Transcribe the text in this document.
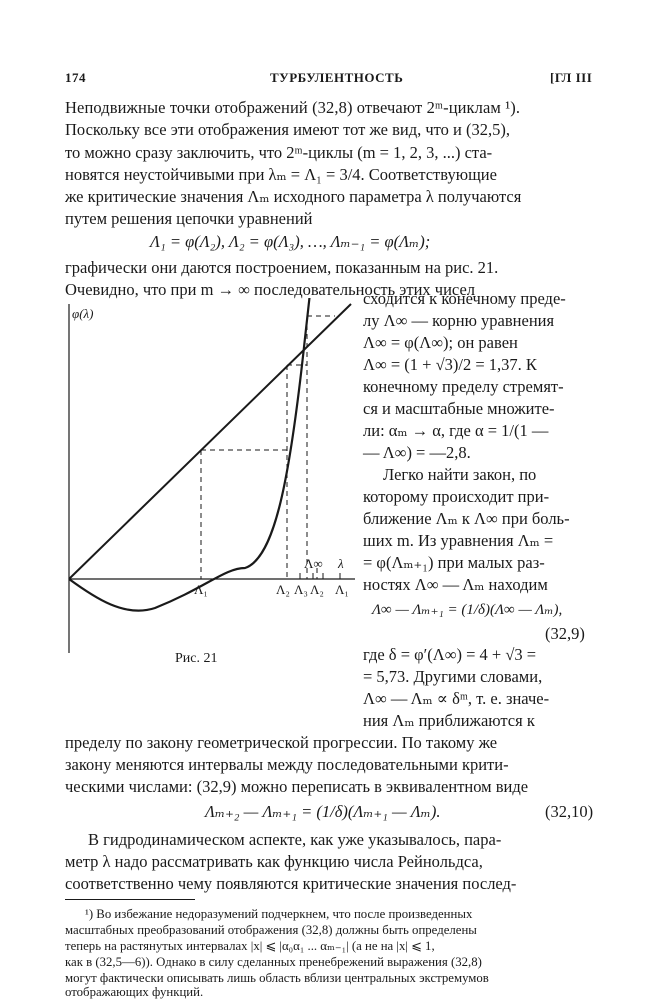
174	ТУРБУЛЕНТНОСТЬ	[ГЛ III
Неподвижные точки отображений (32,8) отвечают 2ᵐ-циклам ¹).
Поскольку все эти отображения имеют тот же вид, что и (32,5),
то можно сразу заключить, что 2ᵐ-циклы (m = 1, 2, 3, ...) ста-
новятся неустойчивыми при λₘ = Λ₁ = 3/4. Соответствующие
же критические значения Λₘ исходного параметра λ получаются
путем решения цепочки уравнений
Λ₁ = φ(Λ₂), Λ₂ = φ(Λ₃), …, Λₘ₋₁ = φ(Λₘ);
графически они даются построением, показанным на рис. 21.
Очевидно, что при m → ∞ последовательность этих чисел
φ(λ)
λ
Λ∞
Λ₁	Λ₂ Λ₃ Λ₂ Λ₁
Рис. 21
сходится к конечному преде-
лу Λ∞ — корню уравнения
Λ∞ = φ(Λ∞); он равен
Λ∞ = (1 + √3)/2 = 1,37. К
конечному пределу стремят-
ся и масштабные множите-
ли: αₘ → α, где α = 1/(1 —
— Λ∞) = —2,8.
Легко найти закон, по
которому происходит при-
ближение Λₘ к Λ∞ при боль-
ших m. Из уравнения Λₘ =
= φ(Λₘ₊₁) при малых раз-
ностях Λ∞ — Λₘ находим
Λ∞ — Λₘ₊₁ = (1/δ)(Λ∞ — Λₘ),
(32,9)
где δ = φ′(Λ∞) = 4 + √3 =
= 5,73. Другими словами,
Λ∞ — Λₘ ∝ δᵐ, т. е. значе-
ния Λₘ приближаются к
пределу по закону геометрической прогрессии. По такому же
закону меняются интервалы между последовательными крити-
ческими числами: (32,9) можно переписать в эквивалентном виде
Λₘ₊₂ — Λₘ₊₁ = (1/δ)(Λₘ₊₁ — Λₘ).	(32,10)
В гидродинамическом аспекте, как уже указывалось, пара-
метр λ надо рассматривать как функцию числа Рейнольдса,
соответственно чему появляются критические значения послед-
¹) Во избежание недоразумений подчеркнем, что после произведенных
масштабных преобразований отображения (32,8) должны быть определены
теперь на растянутых интервалах |x| ⩽ |α₀α₁ ... αₘ₋₁| (а не на |x| ⩽ 1,
как в (32,5—6)). Однако в силу сделанных пренебрежений выражения (32,8)
могут фактически описывать лишь область вблизи центральных экстремумов
отображающих функций.
